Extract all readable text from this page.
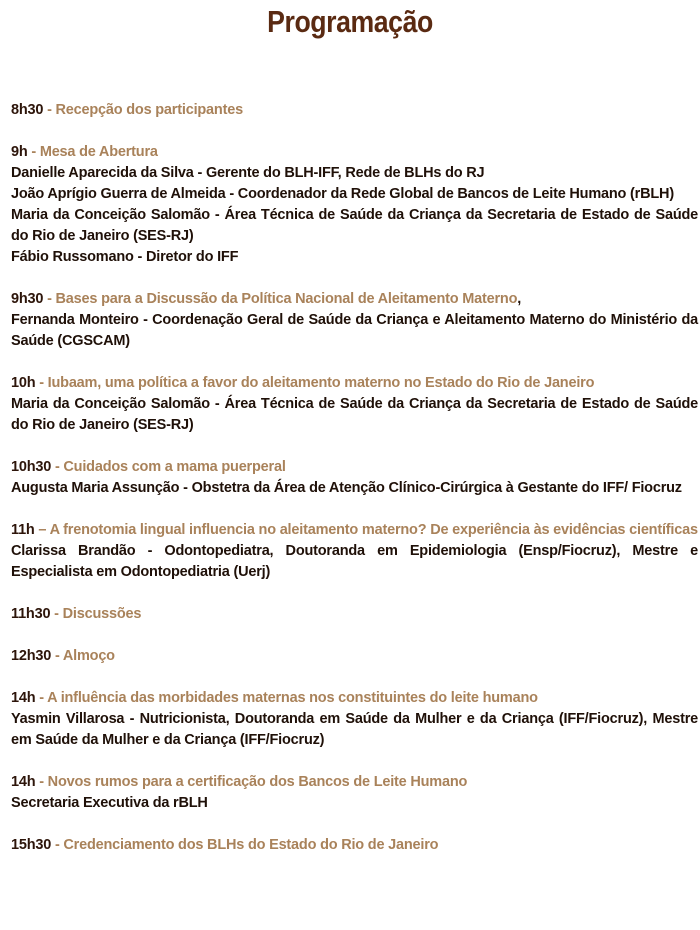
Programação
8h30 - Recepção dos participantes
9h - Mesa de Abertura
Danielle Aparecida da Silva - Gerente do BLH-IFF, Rede de BLHs do RJ
João Aprígio Guerra de Almeida - Coordenador da Rede Global de Bancos de Leite Humano (rBLH)
Maria da Conceição Salomão - Área Técnica de Saúde da Criança da Secretaria de Estado de Saúde do Rio de Janeiro (SES-RJ)
Fábio Russomano - Diretor do IFF
9h30 - Bases para a Discussão da Política Nacional de Aleitamento Materno,
Fernanda Monteiro - Coordenação Geral de Saúde da Criança e Aleitamento Materno do Ministério da Saúde (CGSCAM)
10h - Iubaam, uma política a favor do aleitamento materno no Estado do Rio de Janeiro
Maria da Conceição Salomão - Área Técnica de Saúde da Criança da Secretaria de Estado de Saúde do Rio de Janeiro (SES-RJ)
10h30 - Cuidados com a mama puerperal
Augusta Maria Assunção - Obstetra da Área de Atenção Clínico-Cirúrgica à Gestante do IFF/ Fiocruz
11h – A frenotomia lingual influencia no aleitamento materno? De experiência às evidências científicas
Clarissa Brandão - Odontopediatra, Doutoranda em Epidemiologia (Ensp/Fiocruz), Mestre e Especialista em Odontopediatria (Uerj)
11h30 - Discussões
12h30 - Almoço
14h - A influência das morbidades maternas nos constituintes do leite humano
Yasmin Villarosa - Nutricionista, Doutoranda em Saúde da Mulher e da Criança (IFF/Fiocruz), Mestre em Saúde da Mulher e da Criança (IFF/Fiocruz)
14h - Novos rumos para a certificação dos Bancos de Leite Humano
Secretaria Executiva da rBLH
15h30 - Credenciamento dos BLHs do Estado do Rio de Janeiro
